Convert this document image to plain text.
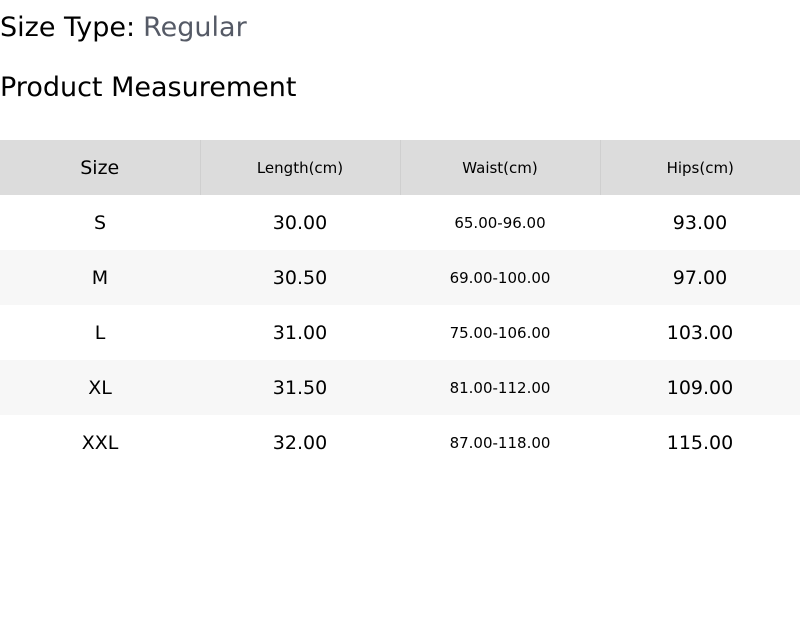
Size Type: Regular
Product Measurement
Size	Length(cm)	Waist(cm)	Hips(cm)
S	30.00	65.00-96.00	93.00
M	30.50	69.00-100.00	97.00
L	31.00	75.00-106.00	103.00
XL	31.50	81.00-112.00	109.00
XXL	32.00	87.00-118.00	115.00
